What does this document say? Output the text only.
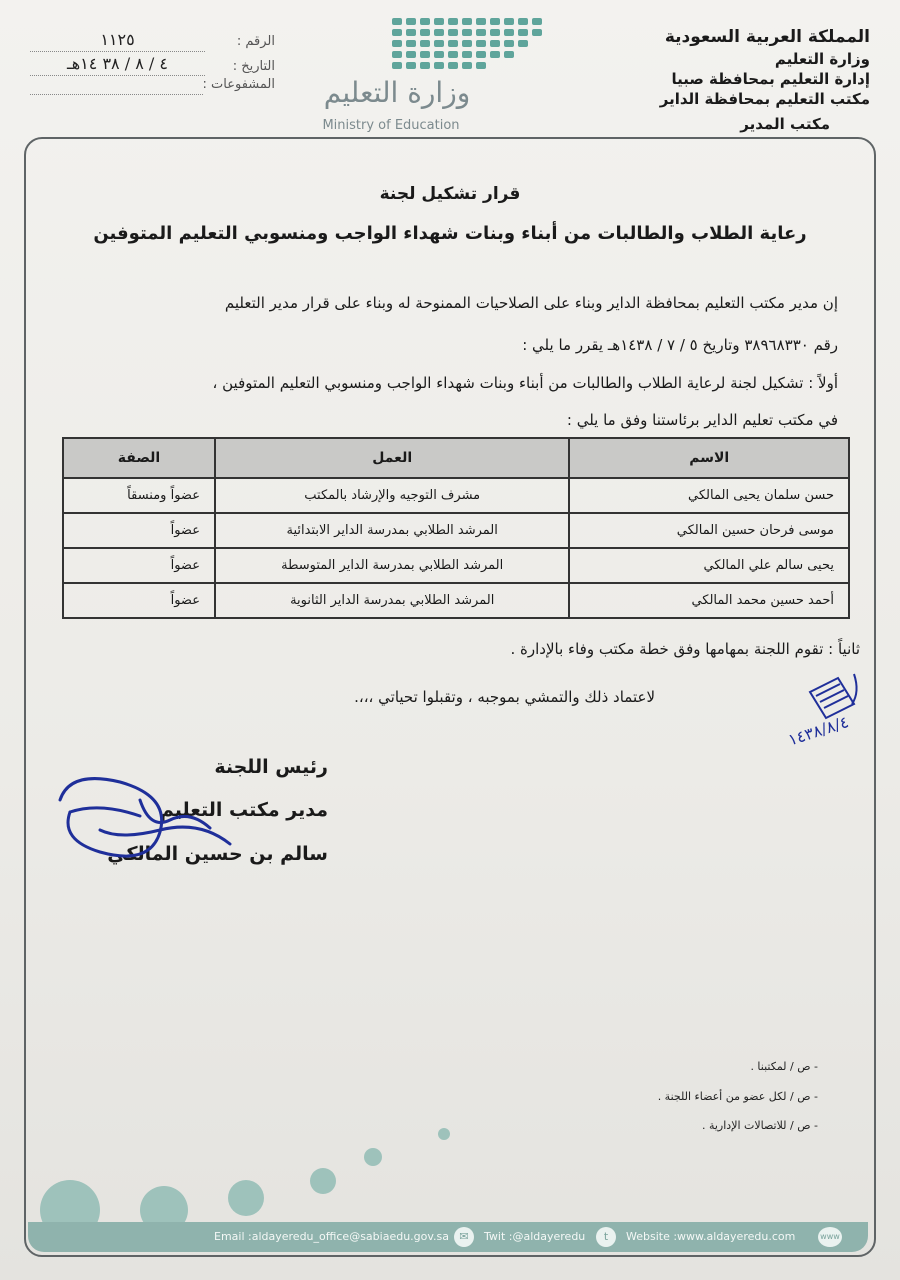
المملكة العربية السعودية
وزارة التعليم
إدارة التعليم بمحافظة صبيا
مكتب التعليم بمحافظة الداير
مكتب المدير
وزارة التعليم
Ministry of Education
الرقم :
١١٢٥
التاريخ :
٤ / ٨ / ٣٨ ١٤هـ
المشفوعات :
قرار تشكيل لجنة
رعاية الطلاب والطالبات من أبناء وبنات شهداء الواجب ومنسوبي التعليم المتوفين
إن مدير مكتب التعليم بمحافظة الداير وبناء على الصلاحيات الممنوحة له وبناء على قرار مدير التعليم
رقم ٣٨٩٦٨٣٣٠ وتاريخ ٥ / ٧ / ١٤٣٨هـ يقرر ما يلي :
أولاً : تشكيل لجنة لرعاية الطلاب والطالبات من أبناء وبنات شهداء الواجب ومنسوبي التعليم المتوفين ،
في مكتب تعليم الداير برئاستنا وفق ما يلي :
الاسم	العمل	الصفة
حسن سلمان يحيى المالكي	مشرف التوجيه والإرشاد بالمكتب	عضواً ومنسقاً
موسى فرحان حسين المالكي	المرشد الطلابي بمدرسة الداير الابتدائية	عضواً
يحيى سالم علي المالكي	المرشد الطلابي بمدرسة الداير المتوسطة	عضواً
أحمد حسين محمد المالكي	المرشد الطلابي بمدرسة الداير الثانوية	عضواً
ثانياً : تقوم اللجنة بمهامها وفق خطة مكتب وفاء بالإدارة .
لاعتماد ذلك والتمشي بموجبه ، وتقبلوا تحياتي ،،،.
١٤٣٨/٨/٤
رئيس اللجنة
مدير مكتب التعليم
سالم بن حسين المالكي
- ص / لمكتبنا .
- ص / لكل عضو من أعضاء اللجنة .
- ص / للاتصالات الإدارية .
Email :aldayeredu_office@sabiaedu.gov.sa ✉	Twit :@aldayeredu	t	Website :www.aldayeredu.com	www
